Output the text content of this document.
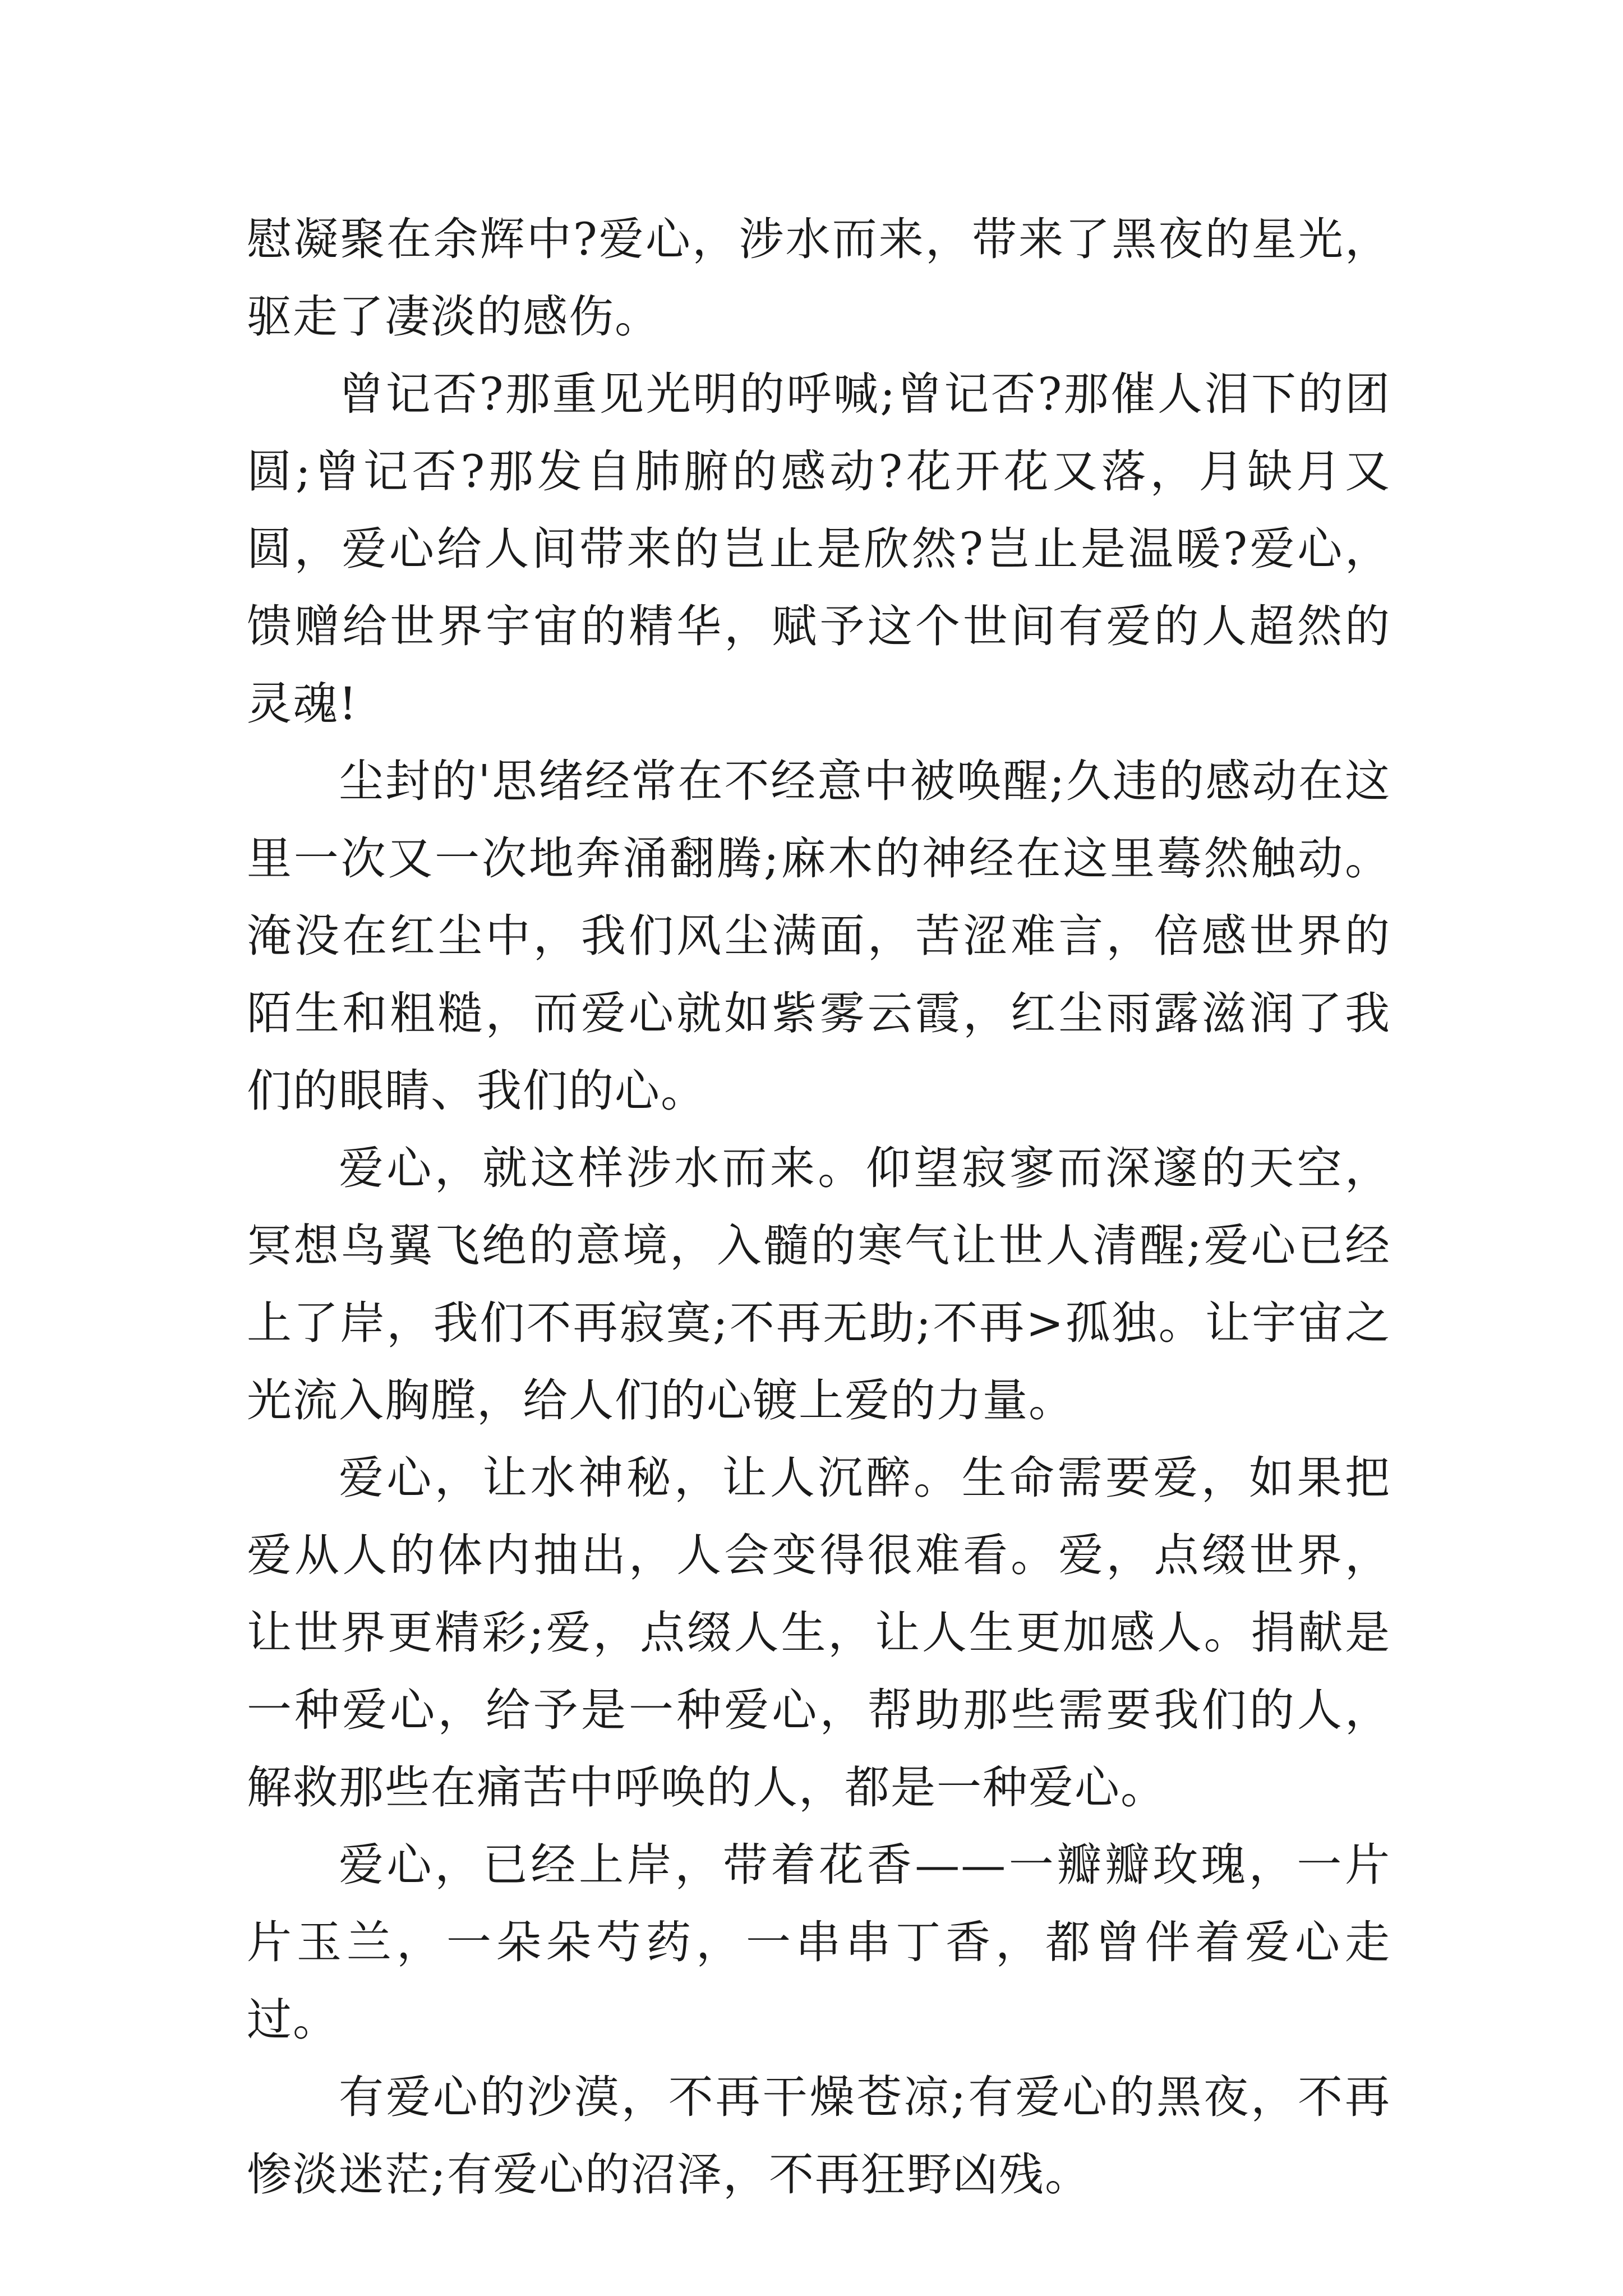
慰凝聚在余辉中?爱心，涉水而来，带来了黑夜的星光，驱走了凄淡的感伤。

曾记否?那重见光明的呼喊;曾记否?那催人泪下的团圆;曾记否?那发自肺腑的感动?花开花又落，月缺月又圆，爱心给人间带来的岂止是欣然?岂止是温暖?爱心，馈赠给世界宇宙的精华，赋予这个世间有爱的人超然的灵魂!

尘封的'思绪经常在不经意中被唤醒;久违的感动在这里一次又一次地奔涌翻腾;麻木的神经在这里蓦然触动。淹没在红尘中，我们风尘满面，苦涩难言，倍感世界的陌生和粗糙，而爱心就如紫雾云霞，红尘雨露滋润了我们的眼睛、我们的心。

爱心，就这样涉水而来。仰望寂寥而深邃的天空，冥想鸟翼飞绝的意境，入髓的寒气让世人清醒;爱心已经上了岸，我们不再寂寞;不再无助;不再>孤独。让宇宙之光流入胸膛，给人们的心镀上爱的力量。

爱心，让水神秘，让人沉醉。生命需要爱，如果把爱从人的体内抽出，人会变得很难看。爱，点缀世界，让世界更精彩;爱，点缀人生，让人生更加感人。捐献是一种爱心，给予是一种爱心，帮助那些需要我们的人，解救那些在痛苦中呼唤的人，都是一种爱心。

爱心，已经上岸，带着花香——一瓣瓣玫瑰，一片片玉兰，一朵朵芍药，一串串丁香，都曾伴着爱心走过。

有爱心的沙漠，不再干燥苍凉;有爱心的黑夜，不再惨淡迷茫;有爱心的沼泽，不再狂野凶残。
